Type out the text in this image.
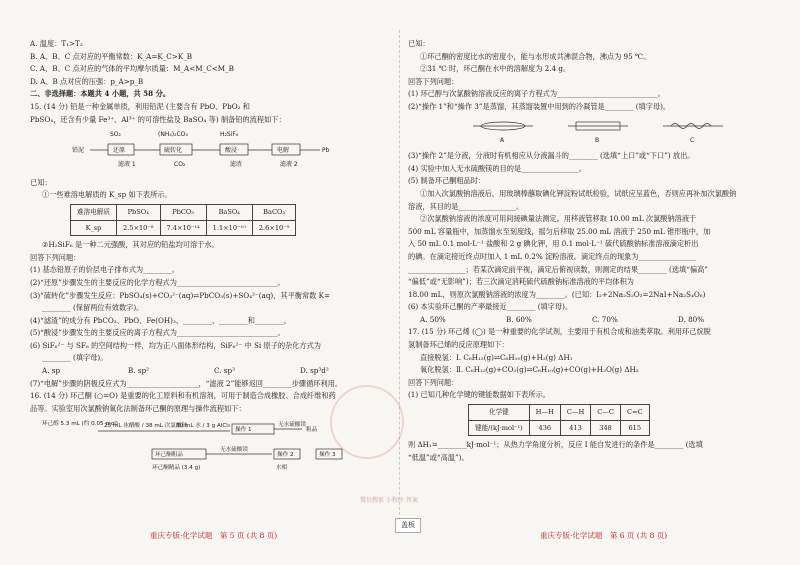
A. 温度：T₁>T₂

B. A、B、C 点对应的平衡常数：K_A=K_C>K_B

C. A、B、C 点对应的气体的平均摩尔质量：M_A<M_C<M_B

D. A、B 点对应的压强：p_A>p_B

二、非选择题：本题共 4 小题，共 58 分。

15. (14 分) 铅是一种金属单质，利用铅泥 (主要含有 PbO、PbO₂ 和

PbSO₄，还含有少量 Fe³⁺、Al³⁺ 的可溶性盐及 BaSO₄ 等) 制备铅的流程如下：

铅泥	还原
SO₂
硫转化
(NH₄)₂CO₃
酸浸
H₂SiF₆
电解	Pb
滤液 1	CO₂	滤渣	滤液 2

已知：

①一些难溶电解质的 K_sp 如下表所示。

难溶电解质	PbSO₄	PbCO₃	BaSO₄	BaCO₃
K_sp	2.5×10⁻⁸	7.4×10⁻¹⁴	1.1×10⁻¹⁰	2.6×10⁻⁹

②H₂SiF₆ 是一种二元强酸，其对应的铅盐均可溶于水。

回答下列问题：

(1) 基态铅原子的价层电子排布式为________。

(2)“还原”步骤发生的主要反应的化学方程式为____________________________。

(3)“硫转化”步骤发生反应：PbSO₄(s)+CO₃²⁻(aq)⇌PbCO₃(s)+SO₄²⁻(aq)，其平衡常数 K=

________ (保留两位有效数字)。

(4)“滤渣”的成分有 PbCO₃、PbO、Fe(OH)₃、________、________和________。

(5)“酸浸”步骤发生的主要反应的离子方程式为____________________________。

(6) SiF₆²⁻ 与 SF₆ 的空间结构一样，均为正八面体形结构，SiF₆²⁻ 中 Si 原子的杂化方式为

________ (填字母)。

A. sp	B. sp²	C. sp³	D. sp³d²

(7)“电解”步骤的阴极反应式为____________________，“滤液 2”能够返回________步骤循环利用。

16. (14 分) 环己酮 (○=O) 是重要的化工原料和有机溶剂，可用于制造合成橡胶、合成纤维和药

品等。实验室用次氯酸钠氧化法制备环己酮的原理与操作流程如下：

环己醇 5.3 mL (约 0.05 mol)
25 mL 冰醋酸 / 38 mL 次氯酸钠
30 mL 水 / 3 g AlCl₃
操作 1
无水硫酸镁
粗品
环己酮粗品
环己酮精品 (3.4 g)
无水硫酸镁
操作 2
水相
操作 3

已知：

①环己酮的密度比水的密度小，能与水形成共沸混合物，沸点为 95 ℃。

②31 ℃ 时，环己酮在水中的溶解度为 2.4 g。

回答下列问题：

(1) 环己醇与次氯酸钠溶液反应的离子方程式为____________________________。

(2)“操作 1”和“操作 3”是蒸馏，其蒸馏装置中用到的冷凝管是________ (填字母)。

A	B	C

(3)“操作 2”是分液，分液时有机相应从分液漏斗的________ (选填“上口”或“下口”) 放出。

(4) 实验中加入无水硫酸镁的目的是________________。

(5) 制备环己酮粗品时：

①加入次氯酸钠溶液后，用玻璃棒蘸取碘化钾淀粉试纸检验，试纸应呈蓝色，否则应再补加次氯酸钠

溶液，其目的是________________。

②次氯酸钠溶液的浓度可用间接碘量法测定。用移液管移取 10.00 mL 次氯酸钠溶液于

500 mL 容量瓶中，加蒸馏水至刻度线，摇匀后移取 25.00 mL 溶液于 250 mL 锥形瓶中，加

入 50 mL 0.1 mol·L⁻¹ 盐酸和 2 g 碘化钾，用 0.1 mol·L⁻¹ 硫代硫酸钠标准溶液滴定析出

的碘。在滴定接近终点时加入 1 mL 0.2% 淀粉溶液。滴定终点的现象为________________

________________；若某次滴定前平视，滴定后俯视读数，则测定的结果________ (选填“偏高”

“偏低”或“无影响”)；若三次滴定消耗硫代硫酸钠标准溶液的平均体积为

18.00 mL，则原次氯酸钠溶液的浓度为________。(已知：I₂+2Na₂S₂O₃=2NaI+Na₂S₄O₆)

(6) 本实验环己酮的产率最接近________ (填字母)。

A. 50%	B. 60%	C. 70%	D. 80%

17. (15 分) 环己烯 (◯) 是一种重要的化学试剂，主要用于有机合成和油类萃取。利用环己烷脱

氢制备环己烯的反应原理如下：

直接脱氢：Ⅰ. C₆H₁₂(g)⇌C₆H₁₀(g)+H₂(g) ΔH₁

氧化脱氢：Ⅱ. C₆H₁₂(g)+CO₂(g)⇌C₆H₁₀(g)+CO(g)+H₂O(g) ΔH₂

回答下列问题：

(1) 已知几种化学键的键能数据如下表所示。

化学键	H—H	C—H	C—C	C=C
键能/(kJ·mol⁻¹)	436	413	348	615

则 ΔH₁=________kJ·mol⁻¹；从热力学角度分析，反应 Ⅰ 能自发进行的条件是________ (选填

“低温”或“高温”)。

微信搜索 小程序 答案
盖板
重庆专版·化学试题　第 5 页 (共 8 页)	重庆专版·化学试题　第 6 页 (共 8 页)
